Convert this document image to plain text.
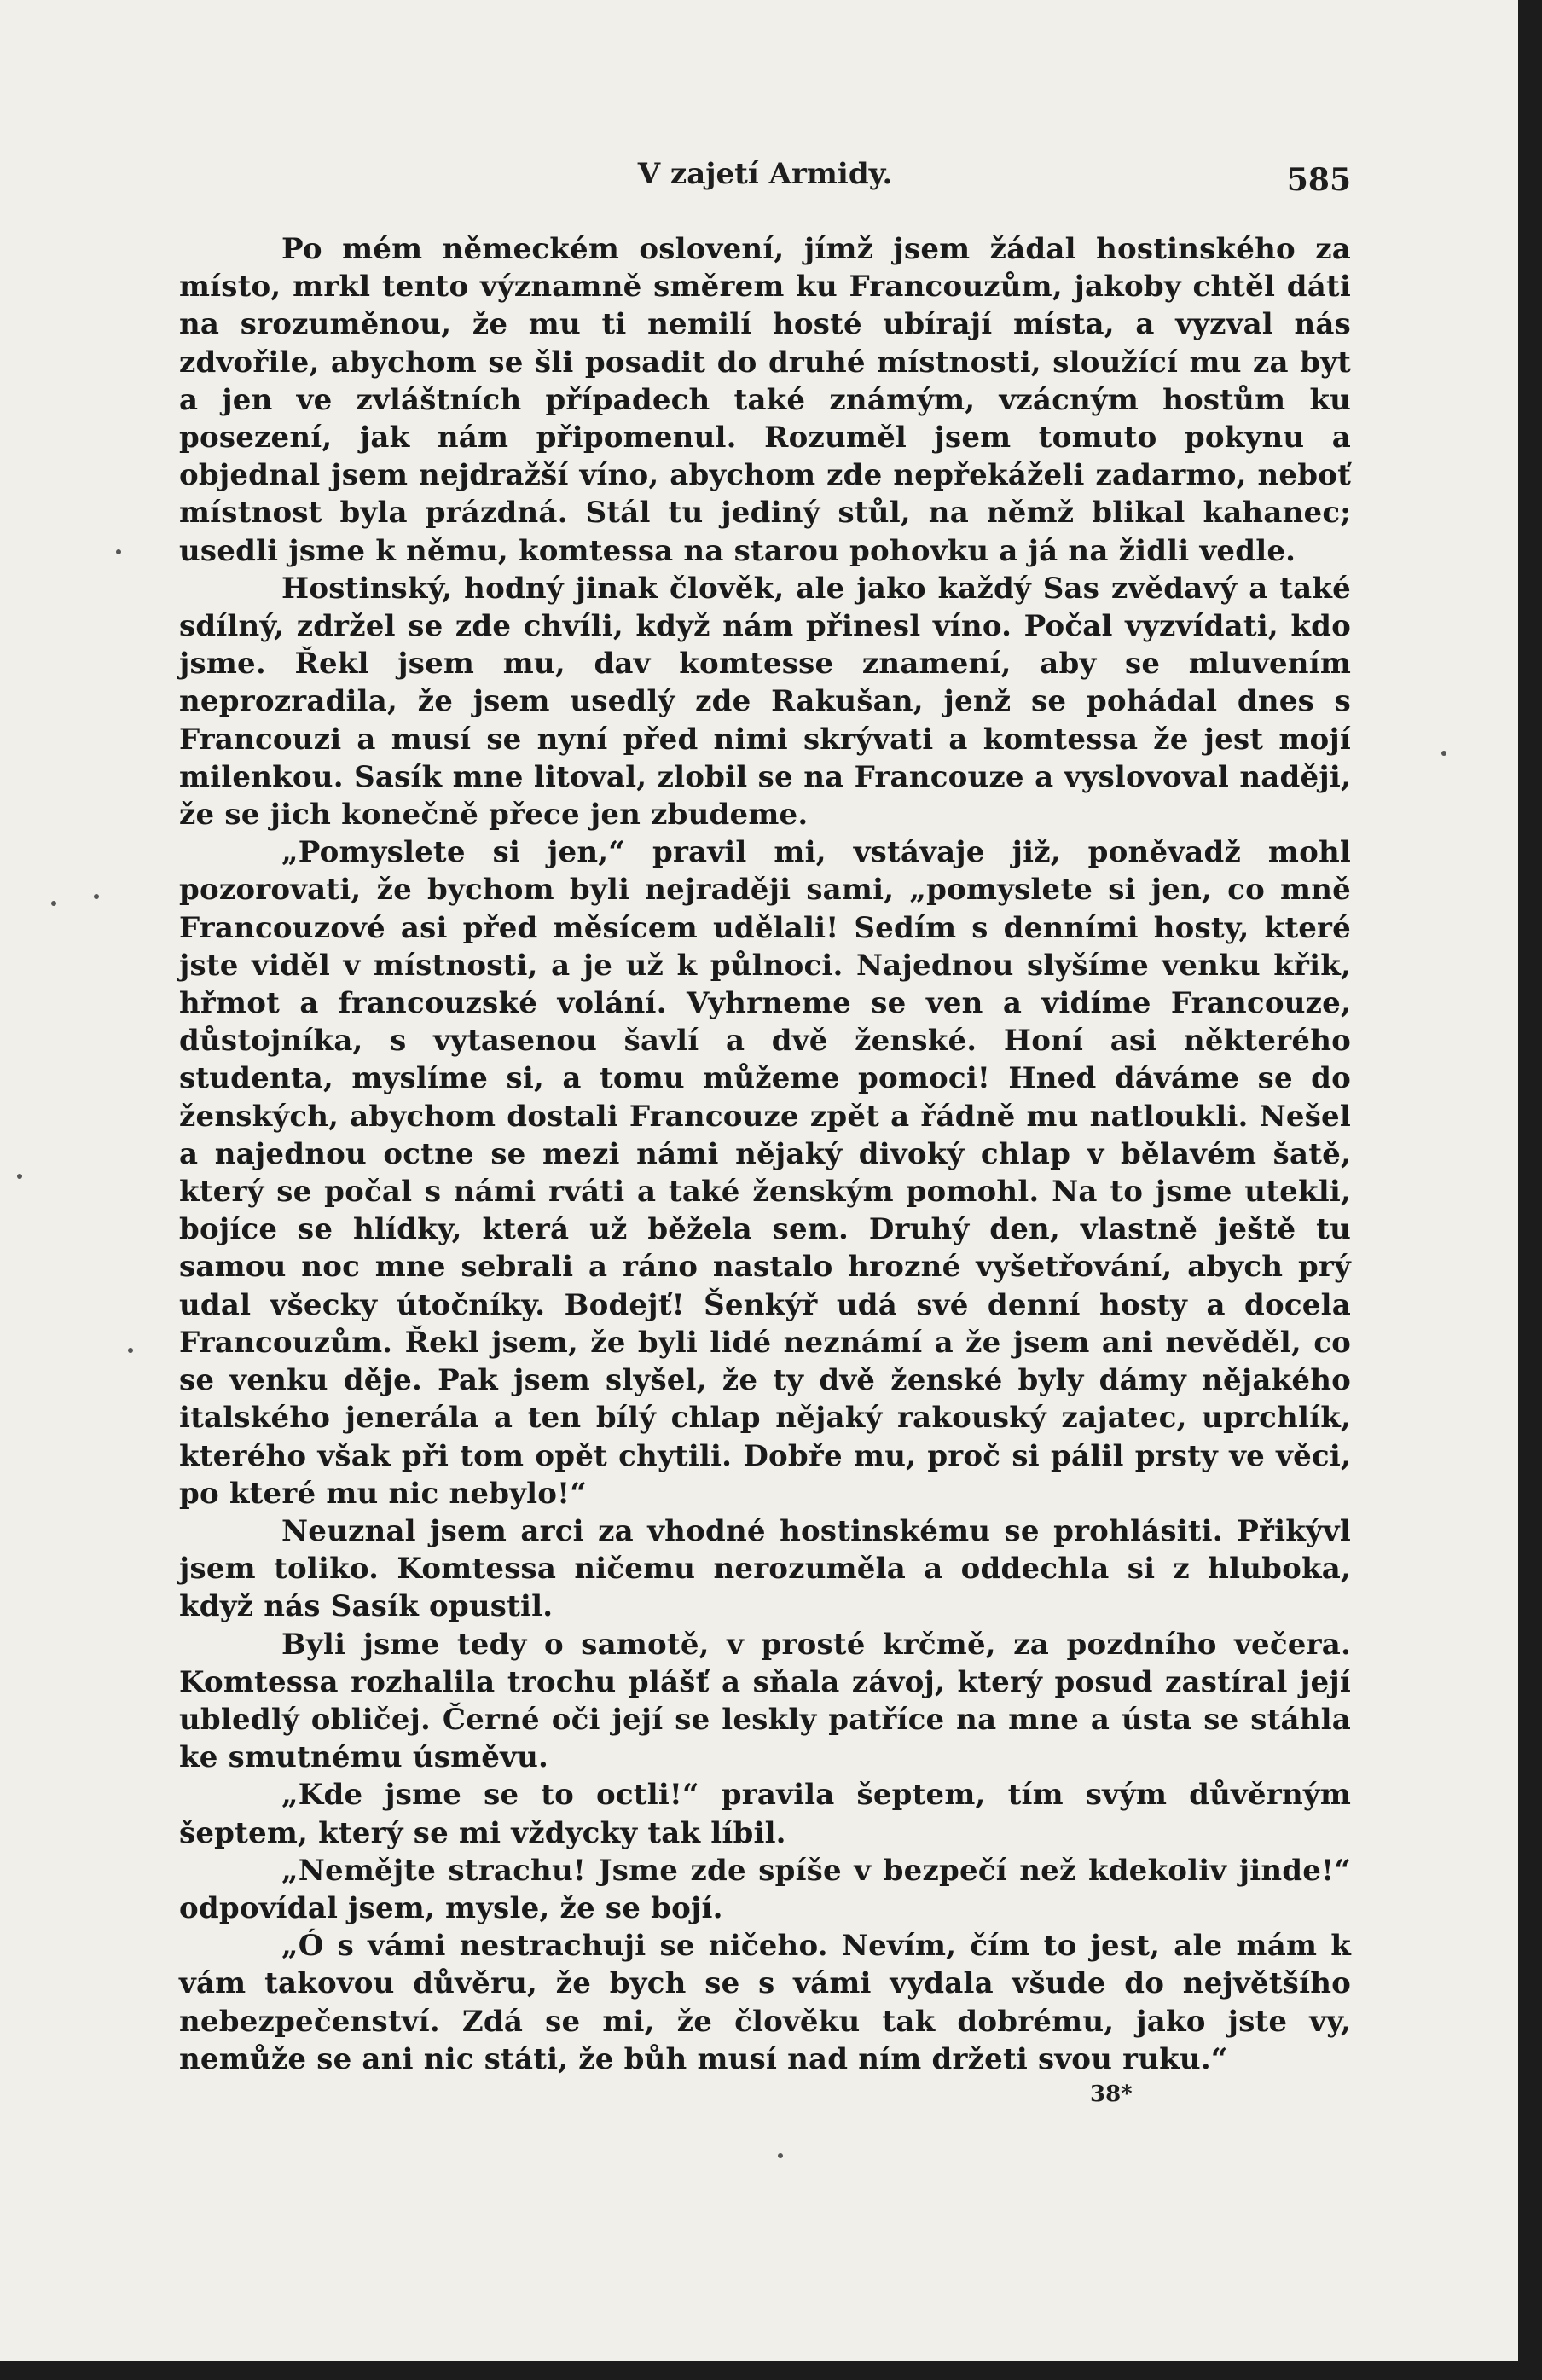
V zajetí Armidy.	585

Po mém německém oslovení, jímž jsem žádal hostinského za místo, mrkl tento významně směrem ku Francouzům, jakoby chtěl dáti na srozuměnou, že mu ti nemilí hosté ubírají místa, a vyzval nás zdvořile, abychom se šli posadit do druhé místnosti, sloužící mu za byt a jen ve zvláštních případech také známým, vzácným hostům ku posezení, jak nám připomenul. Rozuměl jsem tomuto pokynu a objednal jsem nejdražší víno, abychom zde nepřekáželi zadarmo, neboť místnost byla prázdná. Stál tu jediný stůl, na němž blikal kahanec; usedli jsme k němu, komtessa na starou pohovku a já na židli vedle.

Hostinský, hodný jinak člověk, ale jako každý Sas zvědavý a také sdílný, zdržel se zde chvíli, když nám přinesl víno. Počal vyzvídati, kdo jsme. Řekl jsem mu, dav komtesse znamení, aby se mluvením neprozradila, že jsem usedlý zde Rakušan, jenž se pohádal dnes s Francouzi a musí se nyní před nimi skrývati a komtessa že jest mojí milenkou. Sasík mne litoval, zlobil se na Francouze a vyslovoval naději, že se jich konečně přece jen zbudeme.

„Pomyslete si jen,“ pravil mi, vstávaje již, poněvadž mohl pozorovati, že bychom byli nejraději sami, „pomyslete si jen, co mně Francouzové asi před měsícem udělali! Sedím s denními hosty, které jste viděl v místnosti, a je už k půlnoci. Najednou slyšíme venku křik, hřmot a francouzské volání. Vyhrneme se ven a vidíme Francouze, důstojníka, s vytasenou šavlí a dvě ženské. Honí asi některého studenta, myslíme si, a tomu můžeme pomoci! Hned dáváme se do ženských, abychom dostali Francouze zpět a řádně mu natloukli. Nešel a najednou octne se mezi námi nějaký divoký chlap v bělavém šatě, který se počal s námi rváti a také ženským pomohl. Na to jsme utekli, bojíce se hlídky, která už běžela sem. Druhý den, vlastně ještě tu samou noc mne sebrali a ráno nastalo hrozné vyšetřování, abych prý udal všecky útočníky. Bodejť! Šenkýř udá své denní hosty a docela Francouzům. Řekl jsem, že byli lidé neznámí a že jsem ani nevěděl, co se venku děje. Pak jsem slyšel, že ty dvě ženské byly dámy nějakého italského jenerála a ten bílý chlap nějaký rakouský zajatec, uprchlík, kterého však při tom opět chytili. Dobře mu, proč si pálil prsty ve věci, po které mu nic nebylo!“

Neuznal jsem arci za vhodné hostinskému se prohlásiti. Přikývl jsem toliko. Komtessa ničemu nerozuměla a oddechla si z hluboka, když nás Sasík opustil.

Byli jsme tedy o samotě, v prosté krčmě, za pozdního večera. Komtessa rozhalila trochu plášť a sňala závoj, který posud zastíral její ubledlý obličej. Černé oči její se leskly patříce na mne a ústa se stáhla ke smutnému úsměvu.

„Kde jsme se to octli!“ pravila šeptem, tím svým důvěrným šeptem, který se mi vždycky tak líbil.

„Nemějte strachu! Jsme zde spíše v bezpečí než kdekoliv jinde!“ odpovídal jsem, mysle, že se bojí.

„Ó s vámi nestrachuji se ničeho. Nevím, čím to jest, ale mám k vám takovou důvěru, že bych se s vámi vydala všude do největšího nebezpečenství. Zdá se mi, že člověku tak dobrému, jako jste vy, nemůže se ani nic státi, že bůh musí nad ním držeti svou ruku.“

38*
